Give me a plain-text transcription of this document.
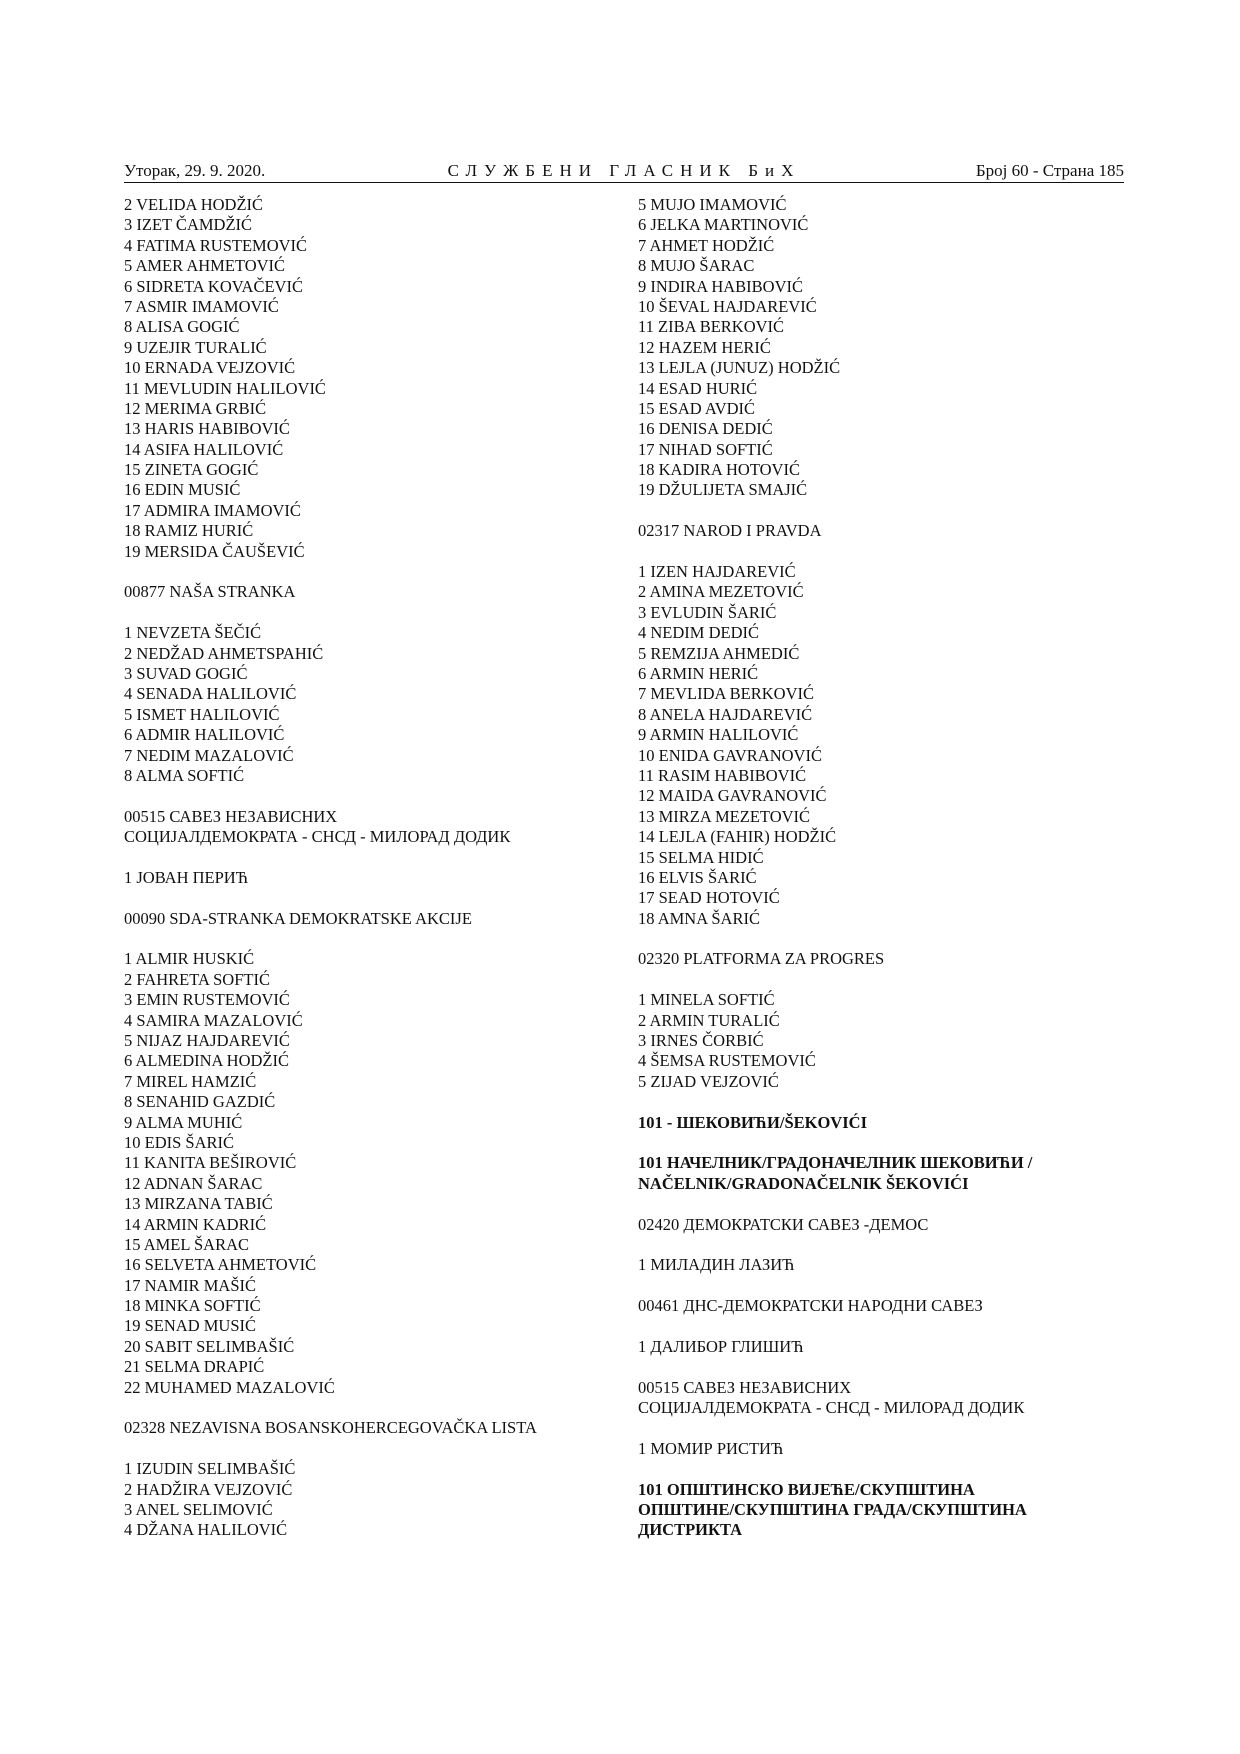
Уторак, 29. 9. 2020.	СЛУЖБЕНИ ГЛАСНИК БиХ	Број 60 - Страна 185
2 VELIDA HODŽIĆ
3 IZET ČAMDŽIĆ
4 FATIMA RUSTEMOVIĆ
5 AMER AHMETOVIĆ
6 SIDRETA KOVAČEVIĆ
7 ASMIR IMAMOVIĆ
8 ALISA GOGIĆ
9 UZEJIR TURALIĆ
10 ERNADA VEJZOVIĆ
11 MEVLUDIN HALILOVIĆ
12 MERIMA GRBIĆ
13 HARIS HABIBOVIĆ
14 ASIFA HALILOVIĆ
15 ZINETA GOGIĆ
16 EDIN MUSIĆ
17 ADMIRA IMAMOVIĆ
18 RAMIZ HURIĆ
19 MERSIDA ČAUŠEVIĆ
00877 NAŠA STRANKA
1 NEVZETA ŠEČIĆ
2 NEDŽAD AHMETSPAHIĆ
3 SUVAD GOGIĆ
4 SENADA HALILOVIĆ
5 ISMET HALILOVIĆ
6 ADMIR HALILOVIĆ
7 NEDIM MAZALOVIĆ
8 ALMA SOFTIĆ
00515 САВЕЗ НЕЗАВИСНИХ
СОЦИЈАЛДЕМОКРАТА - СНСД - МИЛОРАД ДОДИК
1 ЈОВАН ПЕРИЋ
00090 SDA-STRANKA DEMOKRATSKE AKCIJE
1 ALMIR HUSKIĆ
2 FAHRETA SOFTIĆ
3 EMIN RUSTEMOVIĆ
4 SAMIRA MAZALOVIĆ
5 NIJAZ HAJDAREVIĆ
6 ALMEDINA HODŽIĆ
7 MIREL HAMZIĆ
8 SENAHID GAZDIĆ
9 ALMA MUHIĆ
10 EDIS ŠARIĆ
11 KANITA BEŠIROVIĆ
12 ADNAN ŠARAC
13 MIRZANA TABIĆ
14 ARMIN KADRIĆ
15 AMEL ŠARAC
16 SELVETA AHMETOVIĆ
17 NAMIR MAŠIĆ
18 MINKA SOFTIĆ
19 SENAD MUSIĆ
20 SABIT SELIMBAŠIĆ
21 SELMA DRAPIĆ
22 MUHAMED MAZALOVIĆ
02328 NEZAVISNA BOSANSKOHERCEGOVAČKA LISTA
1 IZUDIN SELIMBAŠIĆ
2 HADŽIRA VEJZOVIĆ
3 ANEL SELIMOVIĆ
4 DŽANA HALILOVIĆ
5 MUJO IMAMOVIĆ
6 JELKA MARTINOVIĆ
7 AHMET HODŽIĆ
8 MUJO ŠARAC
9 INDIRA HABIBOVIĆ
10 ŠEVAL HAJDAREVIĆ
11 ZIBA BERKOVIĆ
12 HAZEM HERIĆ
13 LEJLA (JUNUZ) HODŽIĆ
14 ESAD HURIĆ
15 ESAD AVDIĆ
16 DENISA DEDIĆ
17 NIHAD SOFTIĆ
18 KADIRA HOTOVIĆ
19 DŽULIJETA SMAJIĆ
02317 NAROD I PRAVDA
1 IZEN HAJDAREVIĆ
2 AMINA MEZETOVIĆ
3 EVLUDIN ŠARIĆ
4 NEDIM DEDIĆ
5 REMZIJA AHMEDIĆ
6 ARMIN HERIĆ
7 MEVLIDA BERKOVIĆ
8 ANELA HAJDAREVIĆ
9 ARMIN HALILOVIĆ
10 ENIDA GAVRANOVIĆ
11 RASIM HABIBOVIĆ
12 MAIDA GAVRANOVIĆ
13 MIRZA MEZETOVIĆ
14 LEJLA (FAHIR) HODŽIĆ
15 SELMA HIDIĆ
16 ELVIS ŠARIĆ
17 SEAD HOTOVIĆ
18 AMNA ŠARIĆ
02320 PLATFORMA ZA PROGRES
1 MINELA SOFTIĆ
2 ARMIN TURALIĆ
3 IRNES ČORBIĆ
4 ŠEMSA RUSTEMOVIĆ
5 ZIJAD VEJZOVIĆ
101 - ШЕКОВИЋИ/ŠEKOVIĆI
101 НАЧЕЛНИК/ГРАДОНАЧЕЛНИК ШЕКОВИЋИ /
NAČELNIK/GRADONAČELNIK ŠEKOVIĆI
02420 ДЕМОКРАТСКИ САВЕЗ -ДЕМОС
1 МИЛАДИН ЛАЗИЋ
00461 ДНС-ДЕМОКРАТСКИ НАРОДНИ САВЕЗ
1 ДАЛИБОР ГЛИШИЋ
00515 САВЕЗ НЕЗАВИСНИХ
СОЦИЈАЛДЕМОКРАТА - СНСД - МИЛОРАД ДОДИК
1 МОМИР РИСТИЋ
101 ОПШТИНСКО ВИЈЕЋЕ/СКУПШТИНА
ОПШТИНЕ/СКУПШТИНА ГРАДА/СКУПШТИНА
ДИСТРИКТА
